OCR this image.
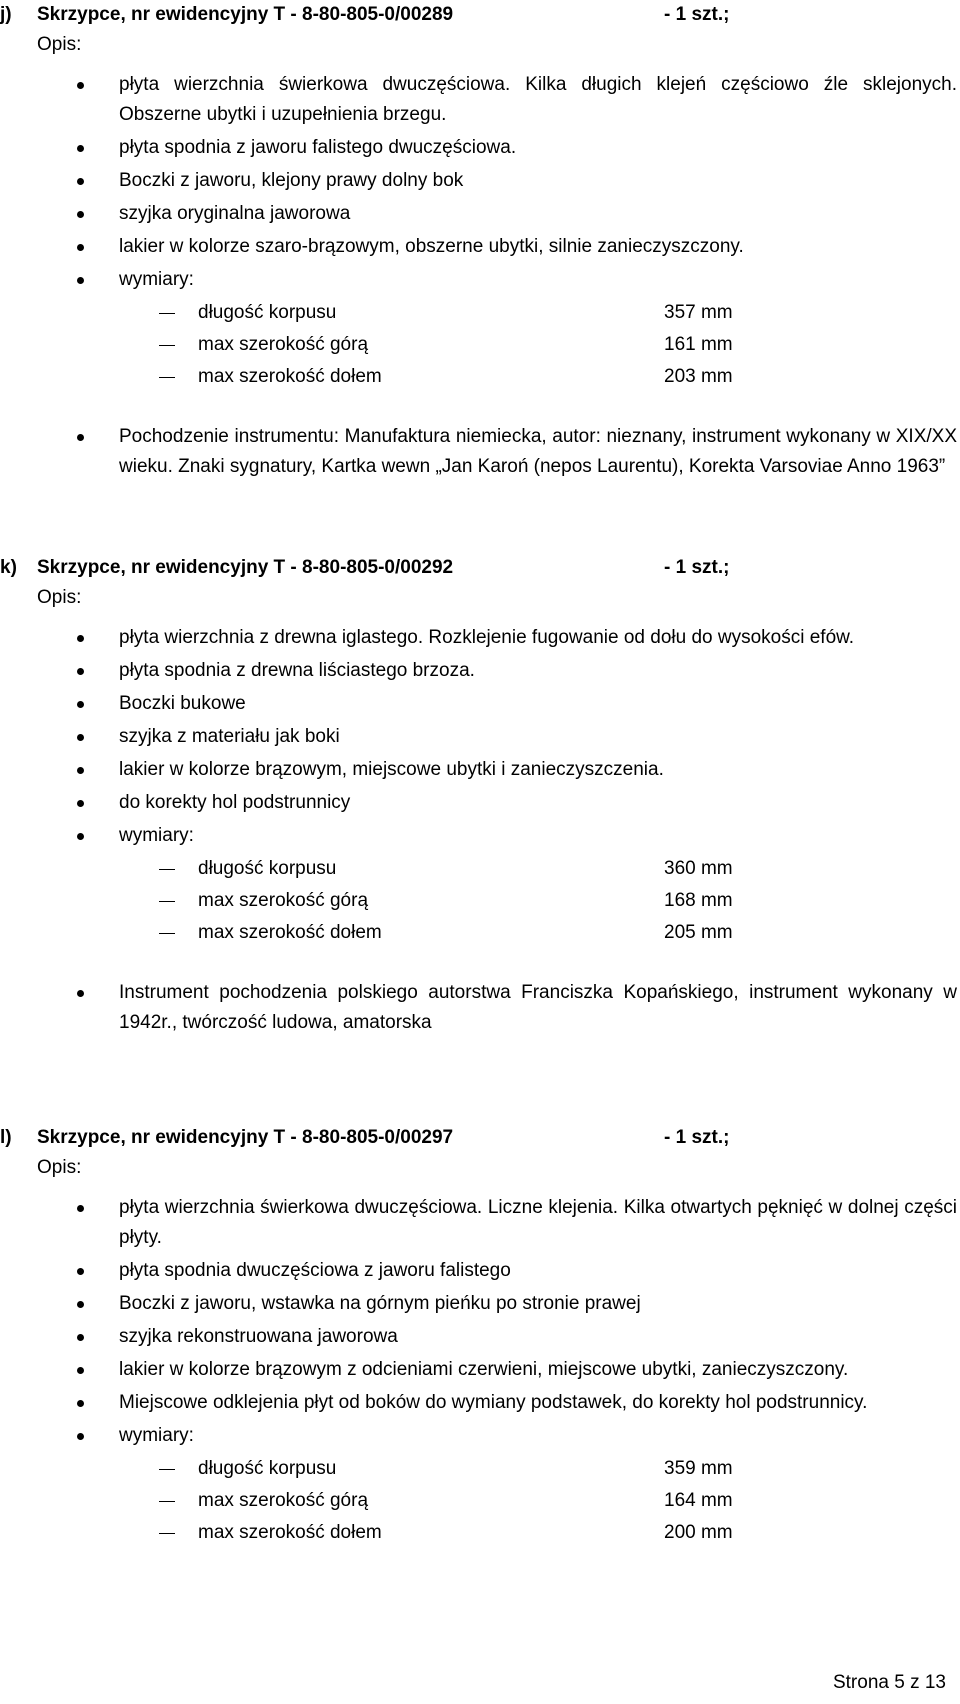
j) Skrzypce, nr ewidencyjny T - 8-80-805-0/00289	- 1 szt.;
Opis:
płyta wierzchnia świerkowa dwuczęściowa. Kilka długich klejeń częściowo źle sklejonych. Obszerne ubytki i uzupełnienia brzegu.
płyta spodnia z jaworu falistego dwuczęściowa.
Boczki z jaworu, klejony prawy dolny bok
szyjka oryginalna jaworowa
lakier w kolorze szaro-brązowym, obszerne ubytki, silnie zanieczyszczony.
wymiary:
długość korpusu	357 mm
max szerokość górą	161 mm
max szerokość dołem	203 mm
Pochodzenie instrumentu: Manufaktura niemiecka, autor: nieznany, instrument wykonany w XIX/XX wieku. Znaki sygnatury, Kartka wewn „Jan Karoń (nepos Laurentu), Korekta Varsoviae Anno 1963”
k) Skrzypce, nr ewidencyjny T - 8-80-805-0/00292	- 1 szt.;
Opis:
płyta wierzchnia z drewna iglastego. Rozklejenie fugowanie od dołu do wysokości efów.
płyta spodnia z drewna liściastego brzoza.
Boczki bukowe
szyjka z materiału jak boki
lakier w kolorze brązowym, miejscowe ubytki i zanieczyszczenia.
do korekty hol podstrunnicy
wymiary:
długość korpusu	360 mm
max szerokość górą	168 mm
max szerokość dołem	205 mm
Instrument pochodzenia polskiego autorstwa Franciszka Kopańskiego, instrument wykonany w 1942r., twórczość ludowa, amatorska
l) Skrzypce, nr ewidencyjny T - 8-80-805-0/00297	- 1 szt.;
Opis:
płyta wierzchnia świerkowa dwuczęściowa. Liczne klejenia. Kilka otwartych pęknięć w dolnej części płyty.
płyta spodnia dwuczęściowa z jaworu falistego
Boczki z jaworu, wstawka na górnym pieńku po stronie prawej
szyjka rekonstruowana jaworowa
lakier w kolorze brązowym z odcieniami czerwieni, miejscowe ubytki, zanieczyszczony.
Miejscowe odklejenia płyt od boków do wymiany podstawek, do korekty hol podstrunnicy.
wymiary:
długość korpusu	359 mm
max szerokość górą	164 mm
max szerokość dołem	200 mm
Strona 5 z 13
